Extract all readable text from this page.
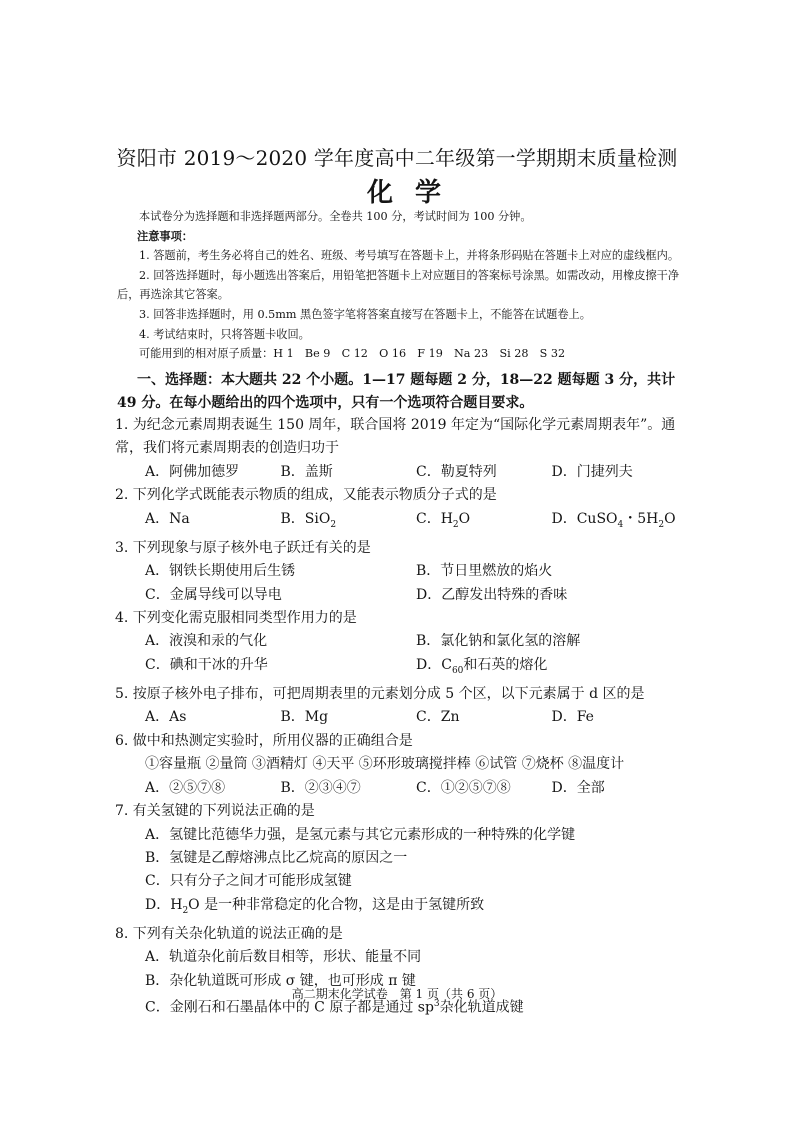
资阳市 2019～2020 学年度高中二年级第一学期期末质量检测
化学

本试卷分为选择题和非选择题两部分。全卷共 100 分，考试时间为 100 分钟。

注意事项：

1. 答题前，考生务必将自己的姓名、班级、考号填写在答题卡上，并将条形码贴在答题卡上对应的虚线框内。

2. 回答选择题时，每小题选出答案后，用铅笔把答题卡上对应题目的答案标号涂黑。如需改动，用橡皮擦干净后，再选涂其它答案。

3. 回答非选择题时，用 0.5mm 黑色签字笔将答案直接写在答题卡上，不能答在试题卷上。

4. 考试结束时，只将答题卡收回。

可能用到的相对原子质量：H 1　Be 9　C 12　O 16　F 19　Na 23　Si 28　S 32

一、选择题：本大题共 22 个小题。1—17 题每题 2 分，18—22 题每题 3 分，共计 49 分。在每小题给出的四个选项中，只有一个选项符合题目要求。

1. 为纪念元素周期表诞生 150 周年，联合国将 2019 年定为“国际化学元素周期表年”。通常，我们将元素周期表的创造归功于

A．阿佛加德罗	B．盖斯	C．勒夏特列	D．门捷列夫

2. 下列化学式既能表示物质的组成，又能表示物质分子式的是

A．Na	B．SiO$_2$	C．$H_2O$	D．CuSO$_4$・$5H_2O$

3. 下列现象与原子核外电子跃迁有关的是

A．钢铁长期使用后生锈	B．节日里燃放的焰火
C．金属导线可以导电	D．乙醇发出特殊的香味

4. 下列变化需克服相同类型作用力的是

A．液溴和汞的气化	B．氯化钠和氯化氢的溶解
C．碘和干冰的升华	D．$C_{60}$和石英的熔化

5. 按原子核外电子排布，可把周期表里的元素划分成 5 个区，以下元素属于 d 区的是

A．As	B．Mg	C．Zn	D．Fe

6. 做中和热测定实验时，所用仪器的正确组合是

①容量瓶 ②量筒 ③酒精灯 ④天平 ⑤环形玻璃搅拌棒 ⑥试管 ⑦烧杯 ⑧温度计
A．②⑤⑦⑧	B．②③④⑦	C．①②⑤⑦⑧	D．全部

7. 有关氢键的下列说法正确的是

A．氢键比范德华力强，是氢元素与其它元素形成的一种特殊的化学键
B．氢键是乙醇熔沸点比乙烷高的原因之一
C．只有分子之间才可能形成氢键
D．$H_2O$ 是一种非常稳定的化合物，这是由于氢键所致

8. 下列有关杂化轨道的说法正确的是

A．轨道杂化前后数目相等，形状、能量不同
B．杂化轨道既可形成 σ 键，也可形成 π 键
C．金刚石和石墨晶体中的 C 原子都是通过 $sp^3$杂化轨道成键
高二期末化学试卷　第 1 页（共 6 页）
